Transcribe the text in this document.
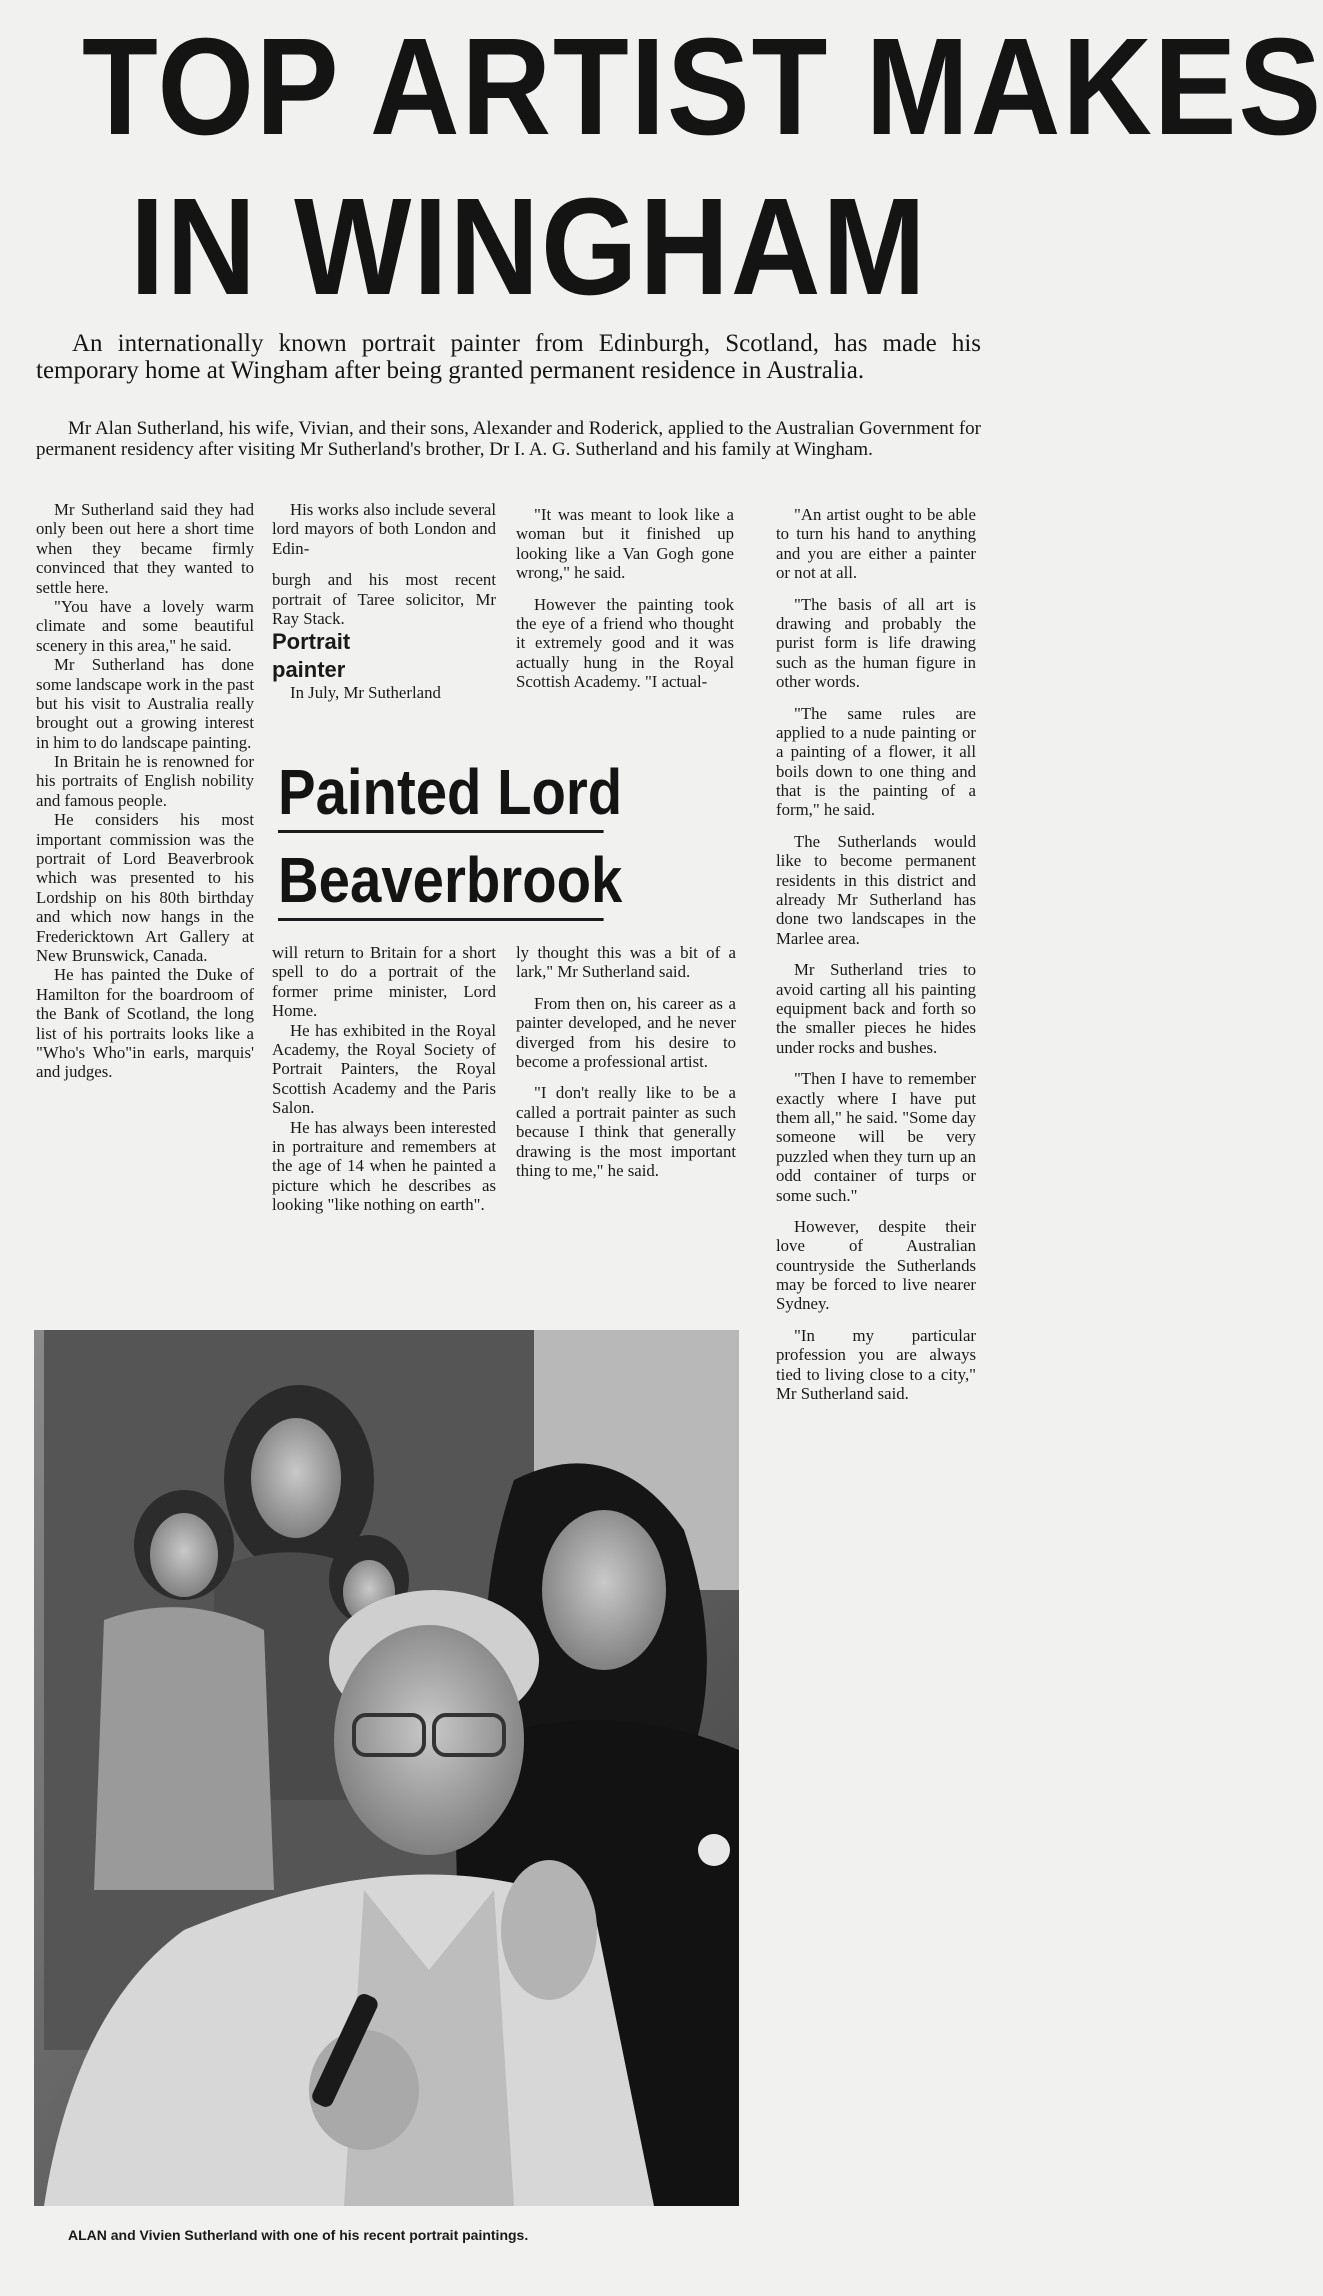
TOP ARTIST MAKES
IN WINGHAM

An internationally known portrait painter from Edinburgh, Scotland, has made his temporary home at Wingham after being granted permanent residence in Australia.

Mr Alan Sutherland, his wife, Vivian, and their sons, Alexander and Roderick, applied to the Australian Government for permanent residency after visiting Mr Sutherland's brother, Dr I. A. G. Sutherland and his family at Wingham.

Mr Sutherland said they had only been out here a short time when they became firmly convinced that they wanted to settle here.

"You have a lovely warm climate and some beautiful scenery in this area," he said.

Mr Sutherland has done some landscape work in the past but his visit to Australia really brought out a growing interest in him to do landscape painting.

In Britain he is renowned for his portraits of English nobility and famous people.

He considers his most important commission was the portrait of Lord Beaverbrook which was presented to his Lordship on his 80th birthday and which now hangs in the Fredericktown Art Gallery at New Brunswick, Canada.

He has painted the Duke of Hamilton for the boardroom of the Bank of Scotland, the long list of his portraits looks like a "Who's Who"in earls, marquis' and judges.

His works also include several lord mayors of both London and Edin-

burgh and his most recent portrait of Taree solicitor, Mr Ray Stack.

Portrait painter

In July, Mr Sutherland

"It was meant to look like a woman but it finished up looking like a Van Gogh gone wrong," he said.

However the painting took the eye of a friend who thought it extremely good and it was actually hung in the Royal Scottish Academy. "I actual-

Painted Lord
Beaverbrook

will return to Britain for a short spell to do a portrait of the former prime minister, Lord Home.

He has exhibited in the Royal Academy, the Royal Society of Portrait Painters, the Royal Scottish Academy and the Paris Salon.

He has always been interested in portraiture and remembers at the age of 14 when he painted a picture which he describes as looking "like nothing on earth".

ly thought this was a bit of a lark," Mr Sutherland said.

From then on, his career as a painter developed, and he never diverged from his desire to become a professional artist.

"I don't really like to be a called a portrait painter as such because I think that generally drawing is the most important thing to me," he said.

"An artist ought to be able to turn his hand to anything and you are either a painter or not at all.

"The basis of all art is drawing and probably the purist form is life drawing such as the human figure in other words.

"The same rules are applied to a nude painting or a painting of a flower, it all boils down to one thing and that is the painting of a form," he said.

The Sutherlands would like to become permanent residents in this district and already Mr Sutherland has done two landscapes in the Marlee area.

Mr Sutherland tries to avoid carting all his painting equipment back and forth so the smaller pieces he hides under rocks and bushes.

"Then I have to remember exactly where I have put them all," he said. "Some day someone will be very puzzled when they turn up an odd container of turps or some such."

However, despite their love of Australian countryside the Sutherlands may be forced to live nearer Sydney.

"In my particular profession you are always tied to living close to a city," Mr Sutherland said.

ALAN and Vivien Sutherland with one of his recent portrait paintings.
